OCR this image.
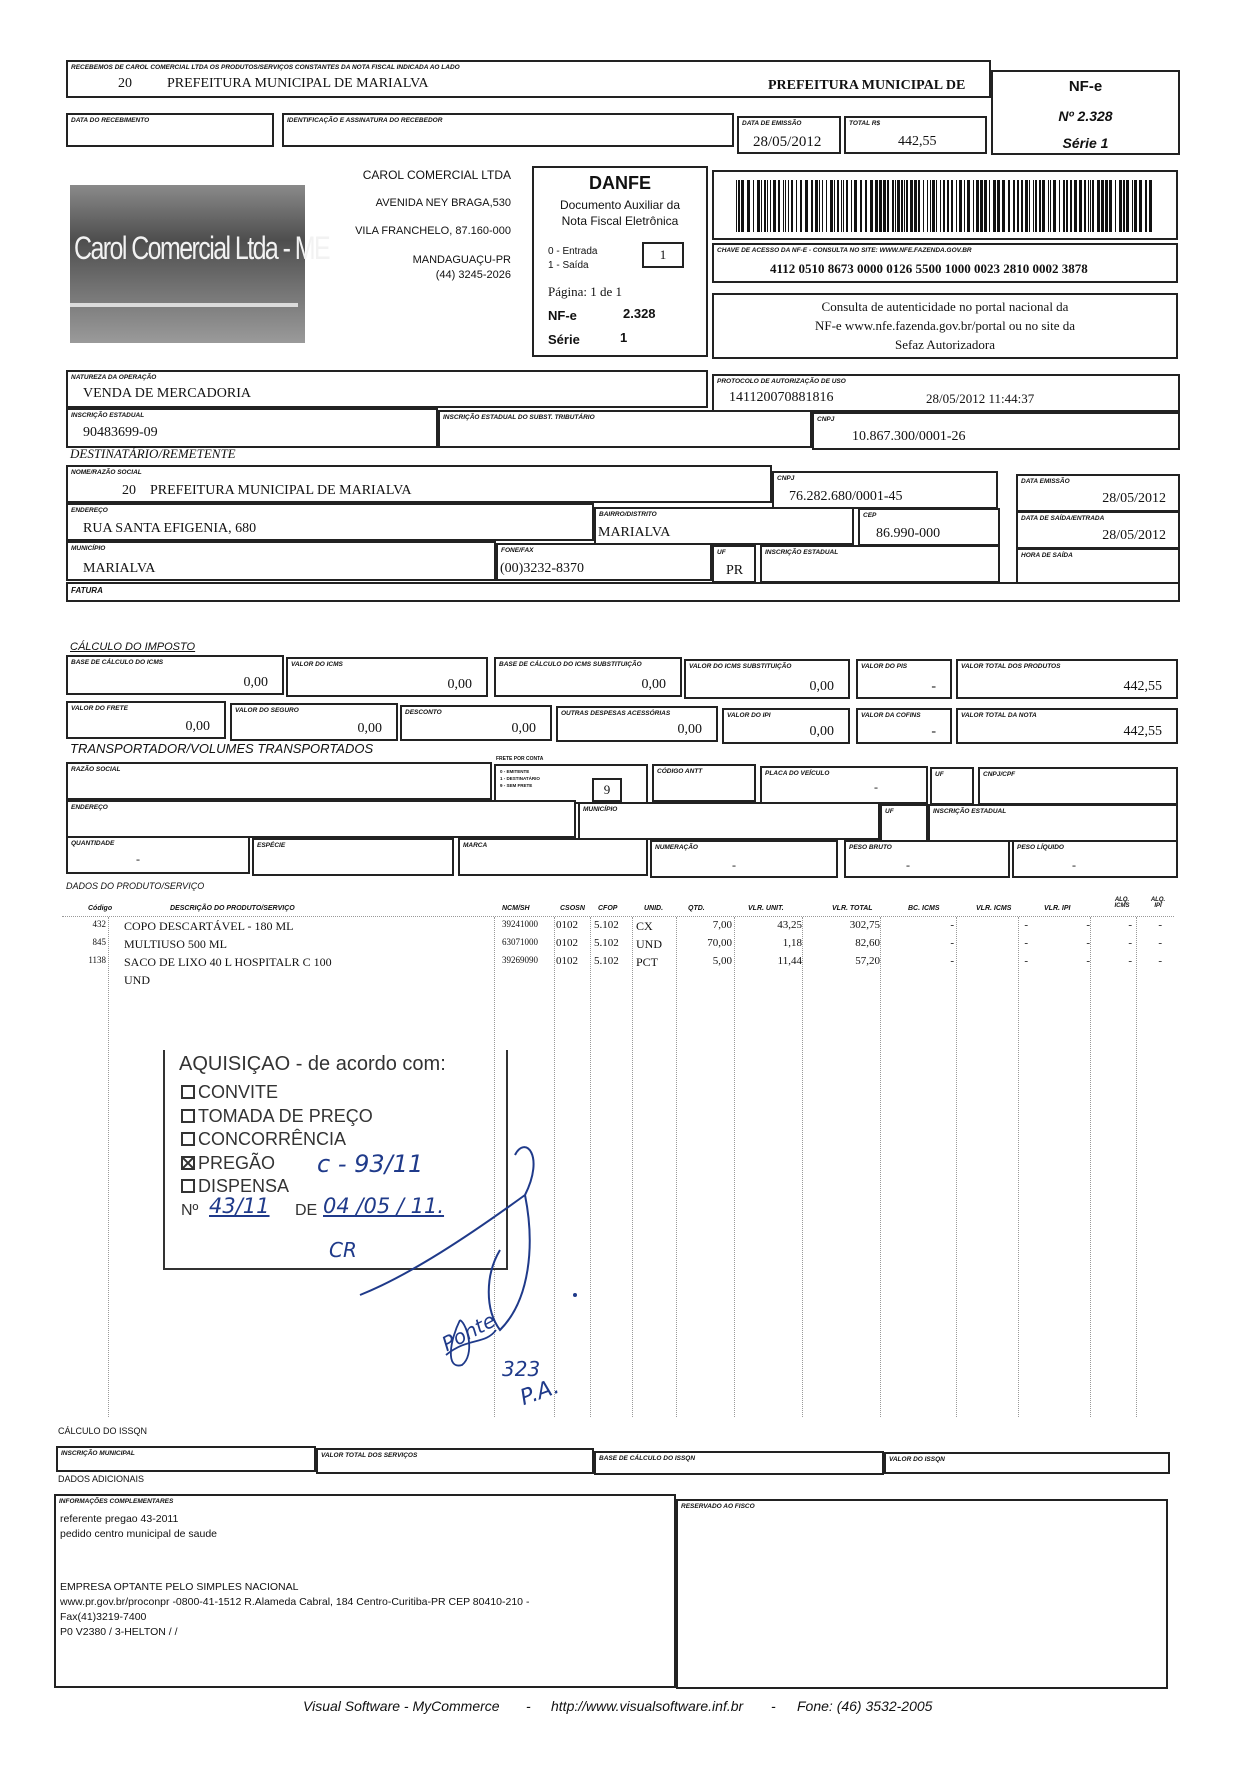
RECEBEMOS DE CAROL COMERCIAL LTDA OS PRODUTOS/SERVIÇOS CONSTANTES DA NOTA FISCAL INDICADA AO LADO
20	PREFEITURA MUNICIPAL DE MARIALVA	PREFEITURA MUNICIPAL DE	NF-e
Nº 2.328
Série 1
DATA DO RECEBIMENTO	IDENTIFICAÇÃO E ASSINATURA DO RECEBEDOR	DATA DE EMISSÃO
28/05/2012
TOTAL R$
442,55
Carol Comercial Ltda - ME
CAROL COMERCIAL LTDA
AVENIDA NEY BRAGA,530
VILA FRANCHELO, 87.160-000
MANDAGUAÇU-PR
(44) 3245-2026
DANFE
Documento Auxiliar da
Nota Fiscal Eletrônica
0 - Entrada
1 - Saída
1
Página: 1 de 1
NF-e	2.328
Série	1
CHAVE DE ACESSO DA NF-E - CONSULTA NO SITE: WWW.NFE.FAZENDA.GOV.BR
4112 0510 8673 0000 0126 5500 1000 0023 2810 0002 3878
Consulta de autenticidade no portal nacional da
NF-e www.nfe.fazenda.gov.br/portal ou no site da
Sefaz Autorizadora
NATUREZA DA OPERAÇÃO
VENDA DE MERCADORIA
PROTOCOLO DE AUTORIZAÇÃO DE USO
141120070881816	28/05/2012 11:44:37
INSCRIÇÃO ESTADUAL
90483699-09
INSCRIÇÃO ESTADUAL DO SUBST. TRIBUTÁRIO	CNPJ
10.867.300/0001-26
DESTINATÁRIO/REMETENTE
NOME/RAZÃO SOCIAL
20    PREFEITURA MUNICIPAL DE MARIALVA
CNPJ
76.282.680/0001-45
DATA EMISSÃO
28/05/2012
ENDEREÇO
RUA SANTA EFIGENIA, 680
BAIRRO/DISTRITO
MARIALVA
CEP
86.990-000
DATA DE SAÍDA/ENTRADA
28/05/2012
MUNICÍPIO
MARIALVA
FONE/FAX
(00)3232-8370
UF
PR
INSCRIÇÃO ESTADUAL	HORA DE SAÍDA
FATURA
CÁLCULO DO IMPOSTO
BASE DE CÁLCULO DO ICMS
0,00
VALOR DO ICMS
0,00
BASE DE CÁLCULO DO ICMS SUBSTITUIÇÃO
0,00
VALOR DO ICMS SUBSTITUIÇÃO
0,00
VALOR DO PIS
-
VALOR TOTAL DOS PRODUTOS
442,55
VALOR DO FRETE
0,00
VALOR DO SEGURO
0,00
DESCONTO
0,00
OUTRAS DESPESAS ACESSÓRIAS
0,00
VALOR DO IPI
0,00
VALOR DA COFINS
-
VALOR TOTAL DA NOTA
442,55
TRANSPORTADOR/VOLUMES TRANSPORTADOS
RAZÃO SOCIAL
FRETE POR CONTA
0 - EMITENTE
1 - DESTINATÁRIO
9 - SEM FRETE	9
CÓDIGO ANTT	PLACA DO VEÍCULO
-
UF	CNPJ/CPF
ENDEREÇO	MUNICÍPIO	UF	INSCRIÇÃO ESTADUAL
QUANTIDADE
-
ESPÉCIE	MARCA	NUMERAÇÃO
-
PESO BRUTO
-
PESO LÍQUIDO
-
DADOS DO PRODUTO/SERVIÇO
Código	DESCRIÇÃO DO PRODUTO/SERVIÇO	NCM/SH	CSOSN CFOP	UNID.	QTD.	VLR. UNIT.	VLR. TOTAL	BC. ICMS	VLR. ICMS	VLR. IPI
ALQ. ICMS
ALQ. IPI
432 COPO DESCARTÁVEL - 180 ML	39241000 0102 5.102 CX	7,00	43,25	302,75	-	-	-	- -
845 MULTIUSO 500 ML	63071000 0102 5.102 UND	70,00	1,18	82,60	-	-	-	- -
1138 SACO DE LIXO 40 L HOSPITALR C 100	39269090 0102 5.102 PCT	5,00	11,44	57,20	-	-	-	- -
UND
AQUISIÇAO - de acordo com:
CONVITE
TOMADA DE PREÇO
CONCORRÊNCIA
PREGÃO
DISPENSA
c - 93/11
Nº 43/11 DE 04 /05 / 11.
CR
Ponte
323
P.A.
CÁLCULO DO ISSQN
INSCRIÇÃO MUNICIPAL	VALOR TOTAL DOS SERVIÇOS	BASE DE CÁLCULO DO ISSQN	VALOR DO ISSQN
DADOS ADICIONAIS
INFORMAÇÕES COMPLEMENTARES
referente pregao 43-2011
pedido centro municipal de saude
EMPRESA OPTANTE PELO SIMPLES NACIONAL
www.pr.gov.br/proconpr -0800-41-1512 R.Alameda Cabral, 184 Centro-Curitiba-PR CEP 80410-210 -
Fax(41)3219-7400
P0 V2380 / 3-HELTON / /
RESERVADO AO FISCO
Visual Software - MyCommerce - http://www.visualsoftware.inf.br - Fone: (46) 3532-2005
